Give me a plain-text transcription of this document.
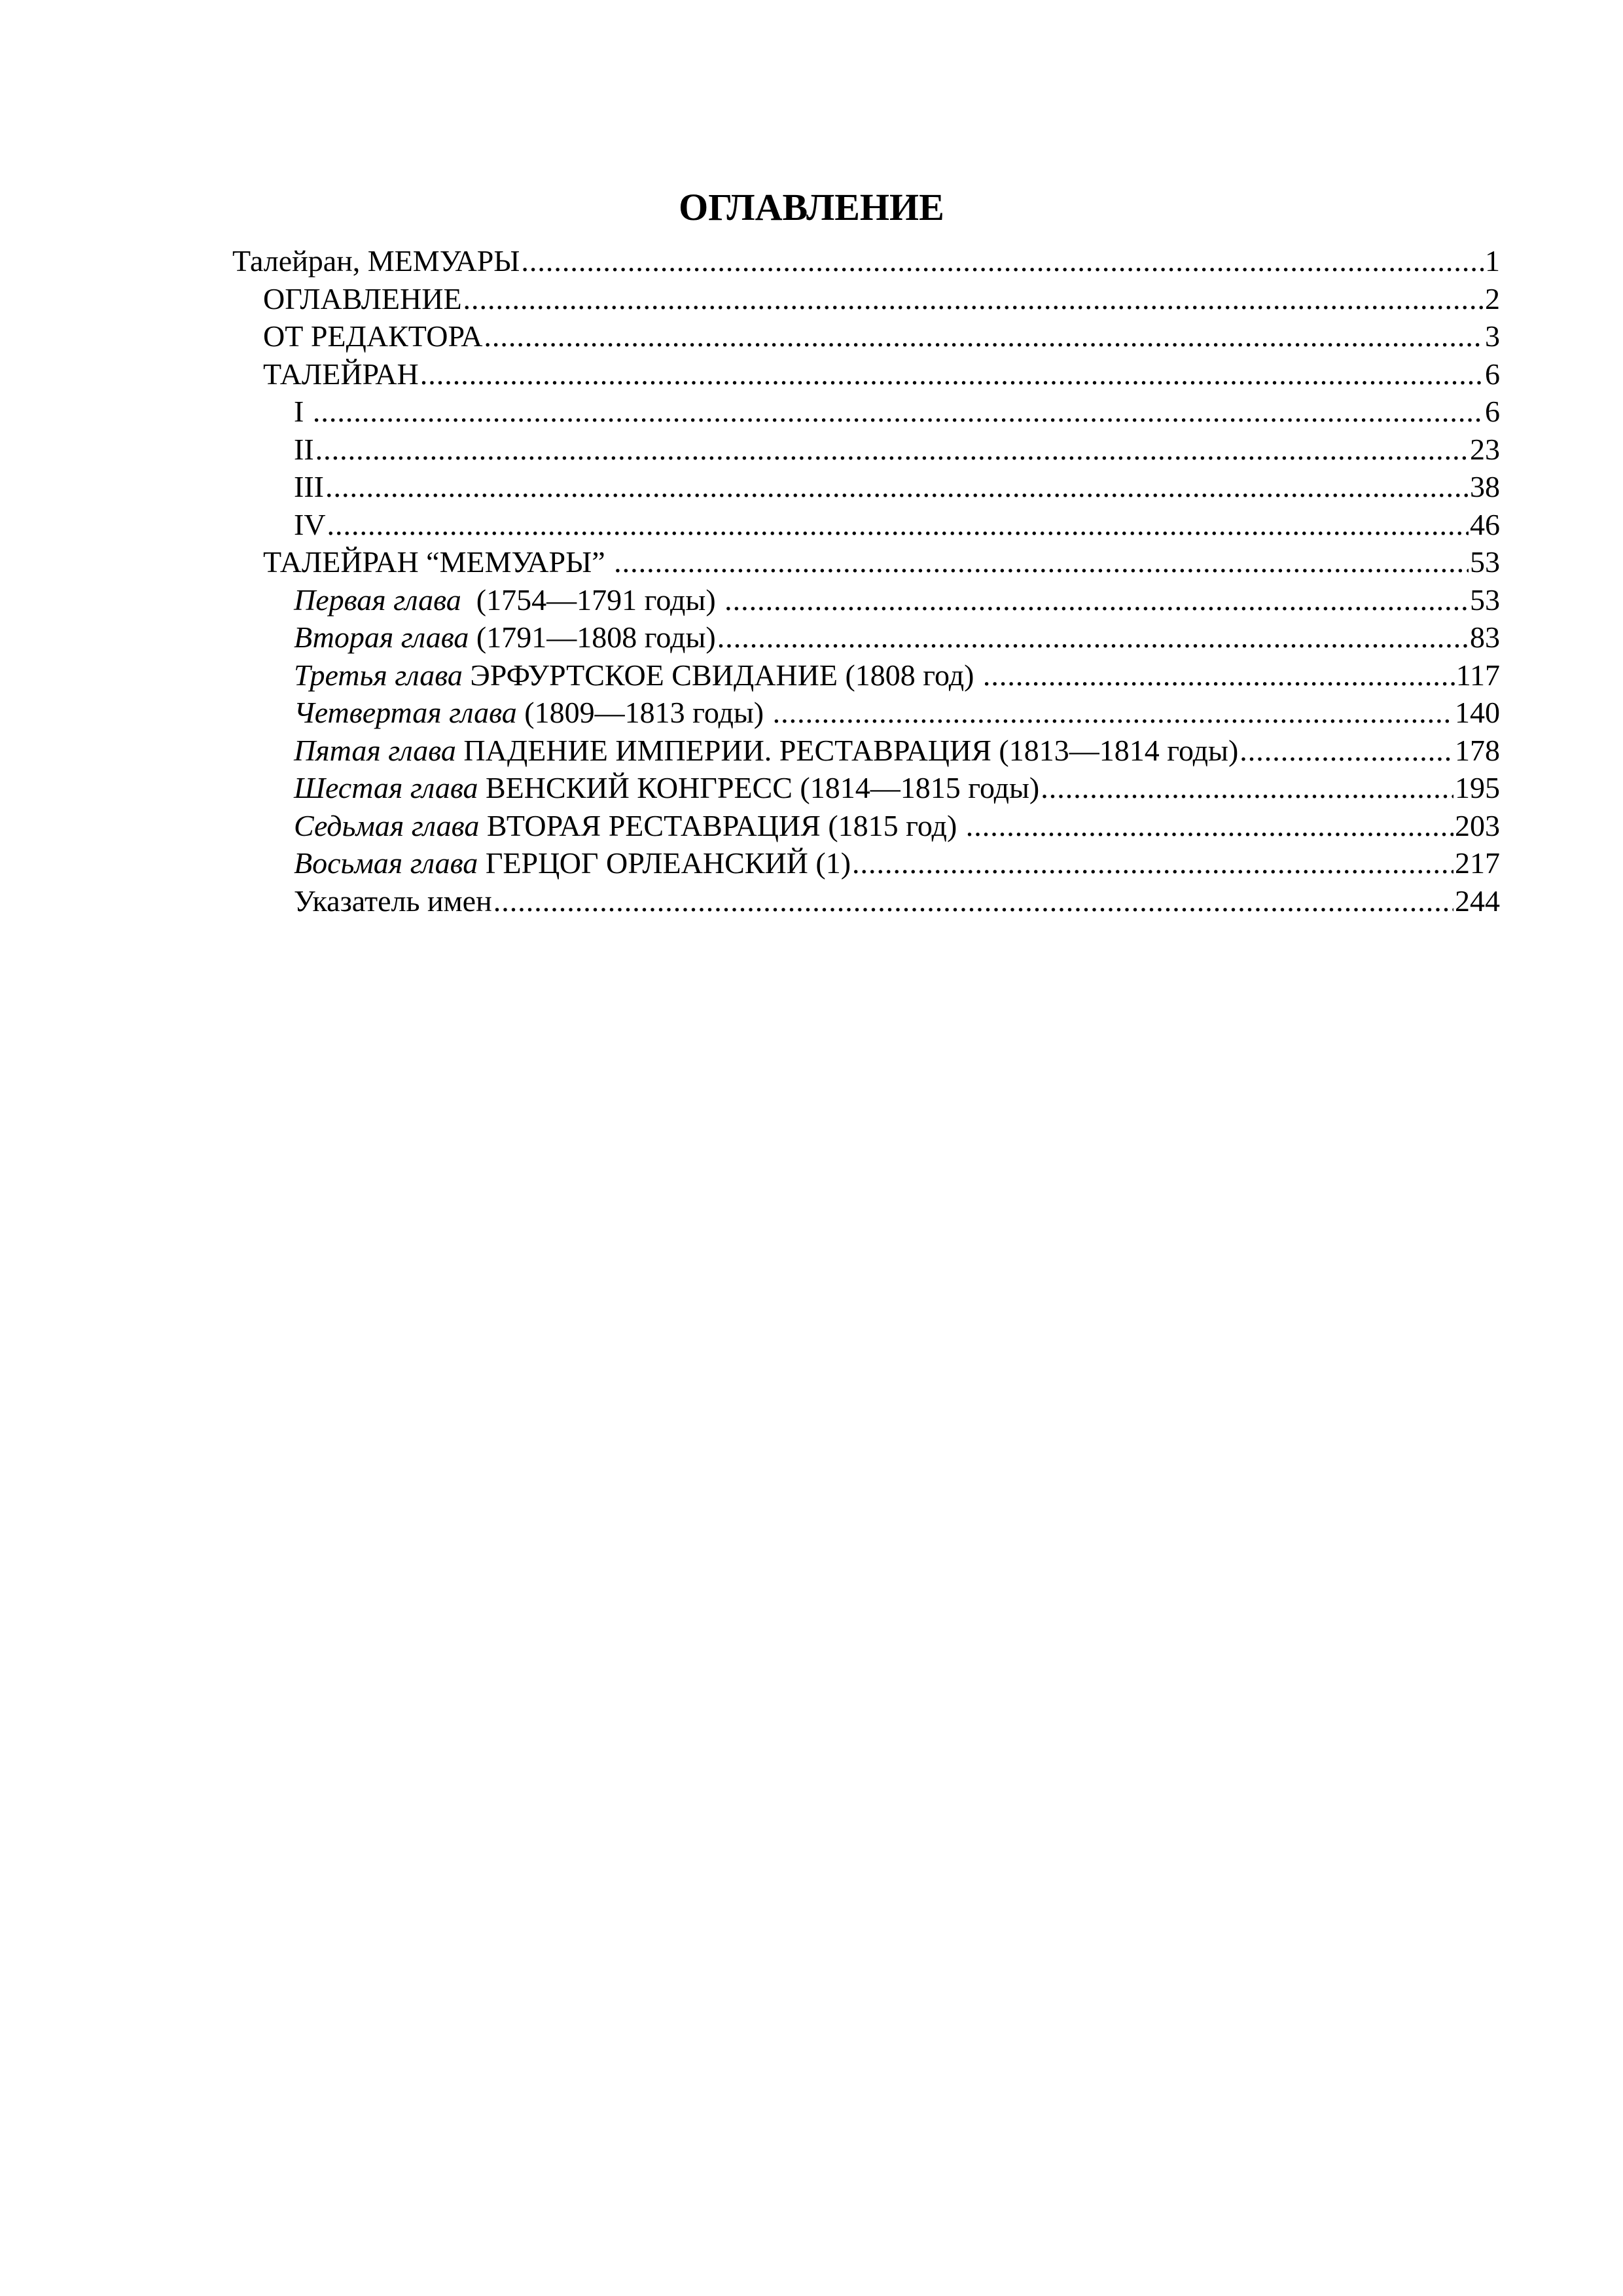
ОГЛАВЛЕНИЕ
Талейран, МЕМУАРЫ .....	1
ОГЛАВЛЕНИЕ .....	2
ОТ РЕДАКТОРА .....	3
ТАЛЕЙРАН .....	6
I .....	6
II .....	23
III .....	38
IV .....	46
ТАЛЕЙРАН “МЕМУАРЫ” .....	53
Первая глава  (1754—1791 годы) .....	53
Вторая глава (1791—1808 годы) .....	83
Третья глава ЭРФУРТСКОЕ СВИДАНИЕ (1808 год) .....	117
Четвертая глава (1809—1813 годы) .....	140
Пятая глава ПАДЕНИЕ ИМПЕРИИ. РЕСТАВРАЦИЯ (1813—1814 годы) .....	178
Шестая глава ВЕНСКИЙ КОНГРЕСС (1814—1815 годы) .....	195
Седьмая глава ВТОРАЯ РЕСТАВРАЦИЯ (1815 год) .....	203
Восьмая глава ГЕРЦОГ ОРЛЕАНСКИЙ (1) .....	217
Указатель имен .....	244
